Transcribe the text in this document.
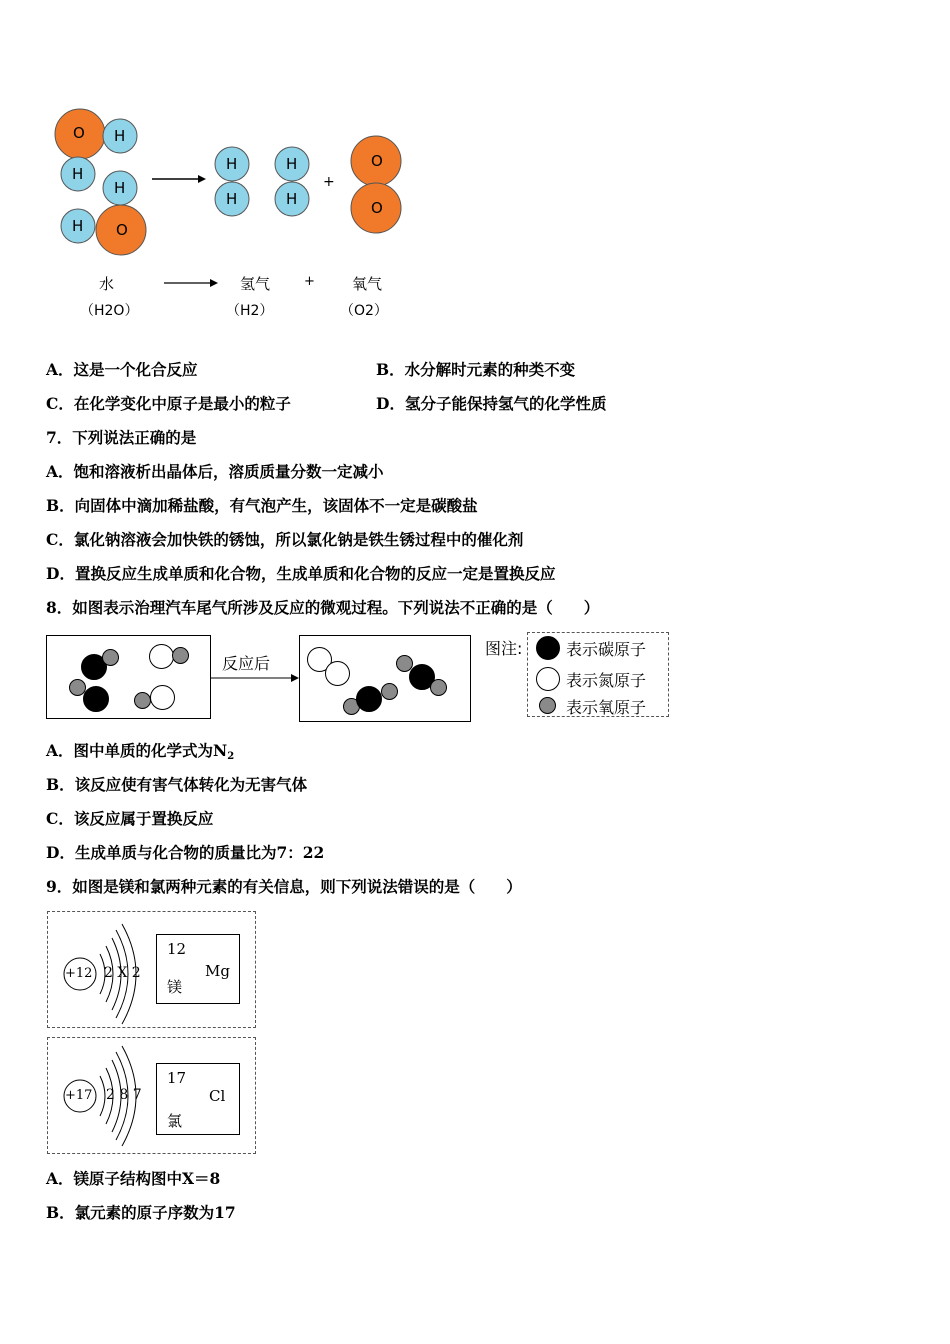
O H
H
H
H O
H
H
H
H
+
O
O
水
（H2O）
氢气
（H2）
+ 氧气
（O2）
A．这是一个化合反应	B．水分解时元素的种类不变
C．在化学变化中原子是最小的粒子	D．氢分子能保持氢气的化学性质
7．下列说法正确的是
A．饱和溶液析出晶体后，溶质质量分数一定减小
B．向固体中滴加稀盐酸，有气泡产生，该固体不一定是碳酸盐
C．氯化钠溶液会加快铁的锈蚀，所以氯化钠是铁生锈过程中的催化剂
D．置换反应生成单质和化合物，生成单质和化合物的反应一定是置换反应
8．如图表示治理汽车尾气所涉及反应的微观过程。下列说法不正确的是（　　）
反应后
图注:	表示碳原子
表示氮原子
表示氧原子
A．图中单质的化学式为$N_2$
B．该反应使有害气体转化为无害气体
C．该反应属于置换反应
D．生成单质与化合物的质量比为7：22
9．如图是镁和氯两种元素的有关信息，则下列说法错误的是（　　）
+12 2 X 2
12
Mg
镁
+17 2 8 7
17
Cl
氯
A．镁原子结构图中X＝8
B．氯元素的原子序数为17
